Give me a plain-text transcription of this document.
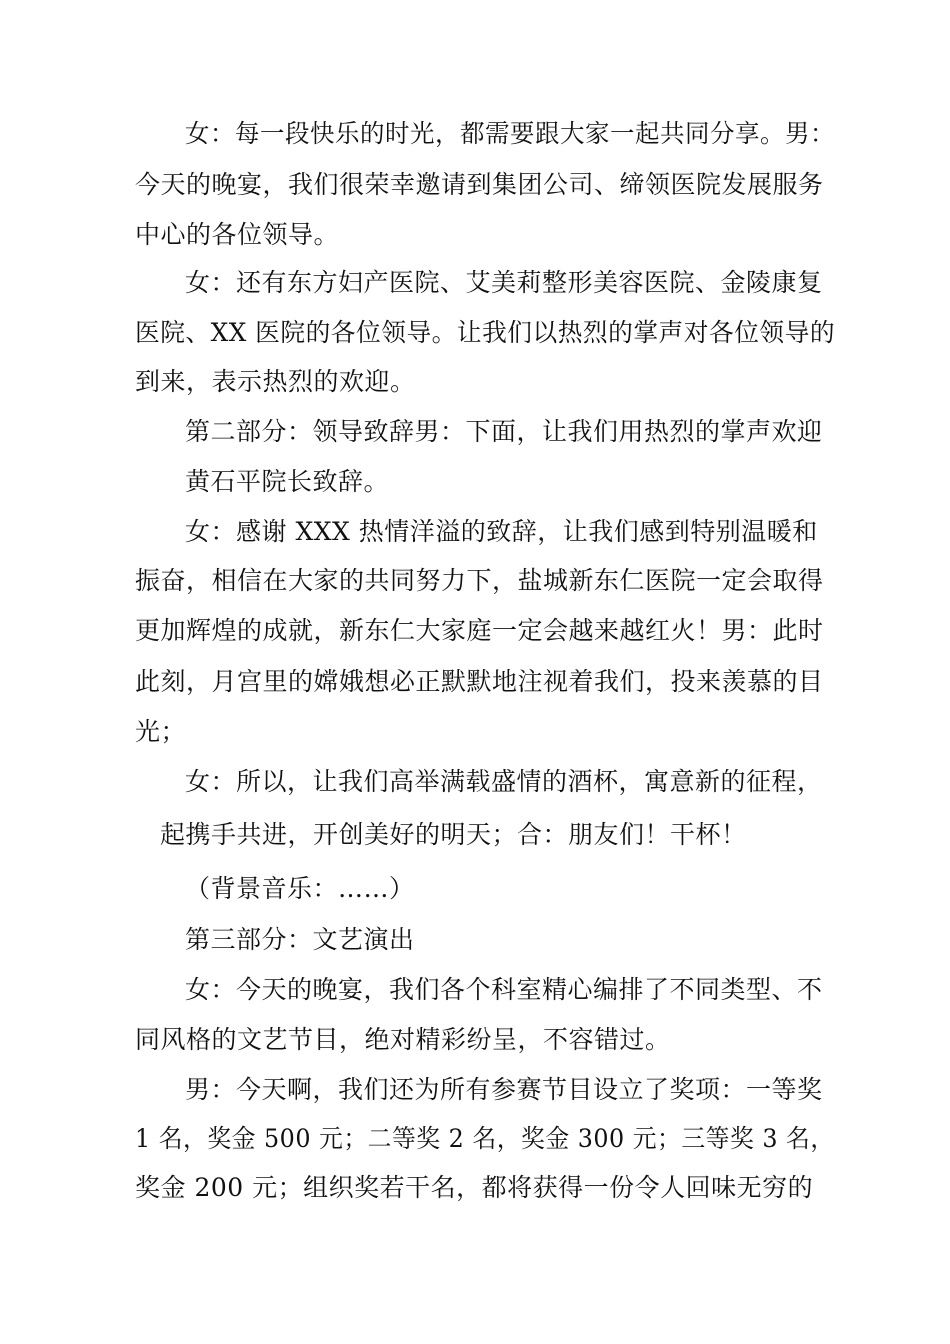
女：每一段快乐的时光，都需要跟大家一起共同分享。男：
今天的晚宴，我们很荣幸邀请到集团公司、缔领医院发展服务
中心的各位领导。
女：还有东方妇产医院、艾美莉整形美容医院、金陵康复
医院、XX 医院的各位领导。让我们以热烈的掌声对各位领导的
到来，表示热烈的欢迎。
第二部分：领导致辞男：下面，让我们用热烈的掌声欢迎
黄石平院长致辞。
女：感谢 XXX 热情洋溢的致辞，让我们感到特别温暖和
振奋，相信在大家的共同努力下，盐城新东仁医院一定会取得
更加辉煌的成就，新东仁大家庭一定会越来越红火！男：此时
此刻，月宫里的嫦娥想必正默默地注视着我们，投来羡慕的目
光；
女：所以，让我们高举满载盛情的酒杯，寓意新的征程，
起携手共进，开创美好的明天；合：朋友们！干杯！
（背景音乐：……）
第三部分：文艺演出
女：今天的晚宴，我们各个科室精心编排了不同类型、不
同风格的文艺节目，绝对精彩纷呈，不容错过。
男：今天啊，我们还为所有参赛节目设立了奖项：一等奖
1 名，奖金 500 元；二等奖 2 名，奖金 300 元；三等奖 3 名，
奖金 200 元；组织奖若干名，都将获得一份令人回味无穷的
